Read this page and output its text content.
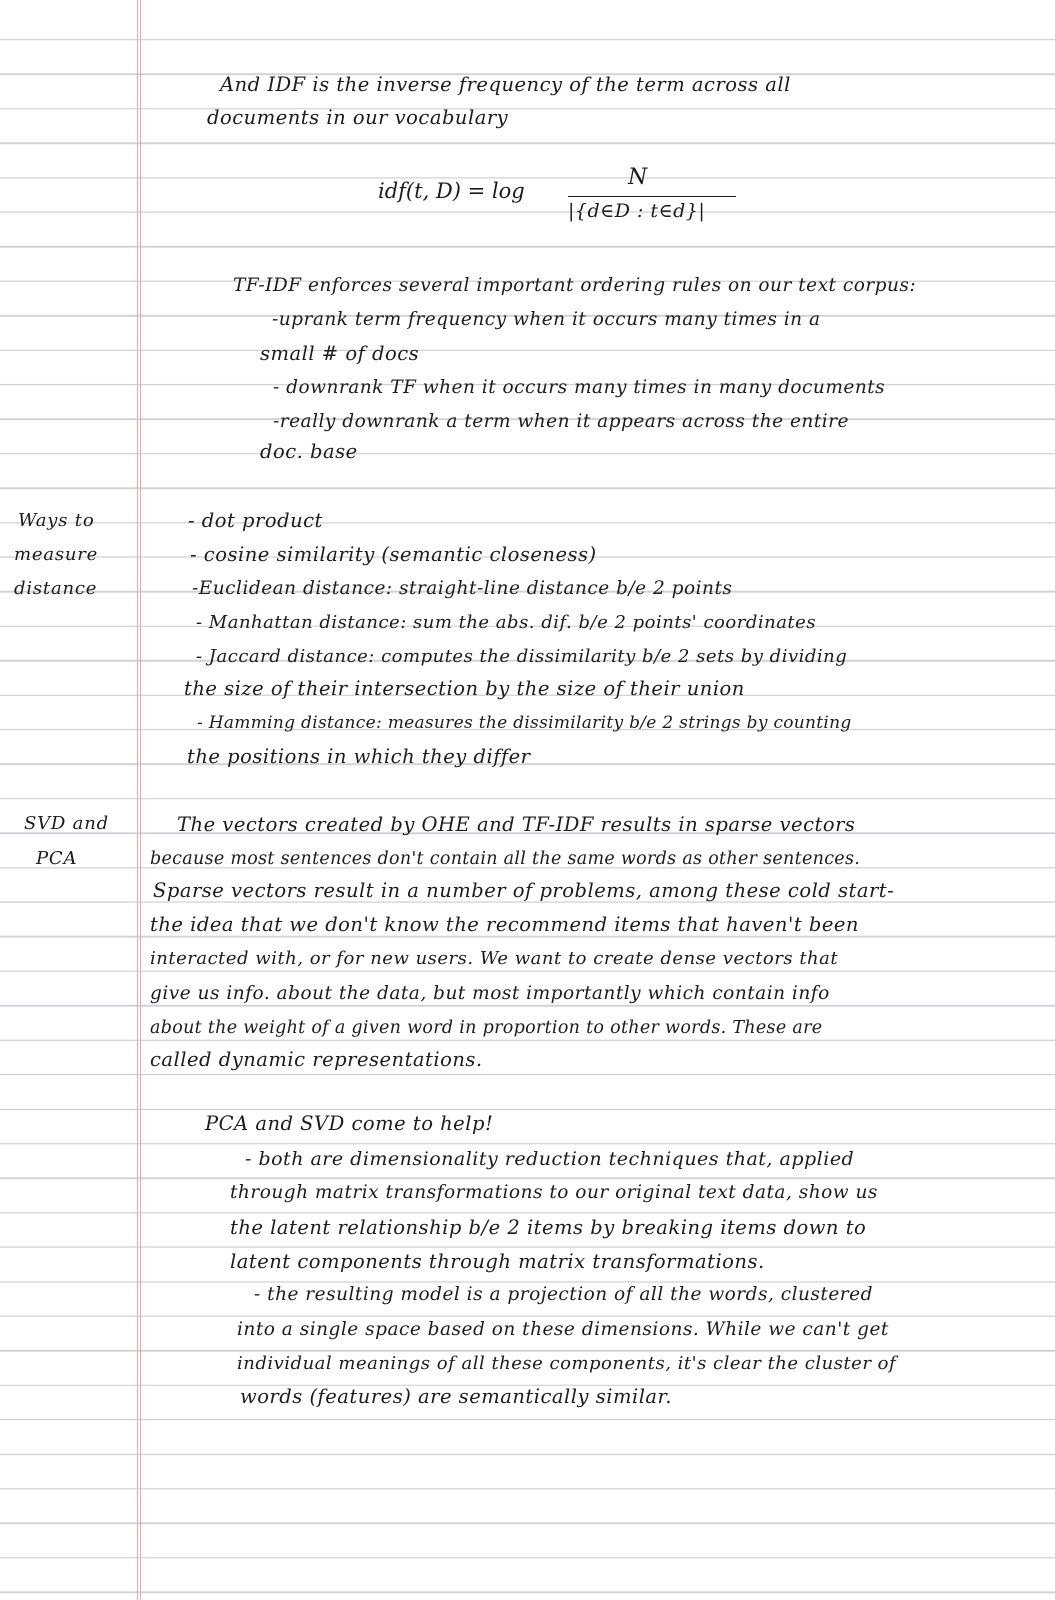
Ways to
measure
distance
SVD and
PCA
And IDF is the inverse frequency of the term across all
documents in our vocabulary
idf(t, D) = log
N
|{d∈D : t∈d}|
TF-IDF enforces several important ordering rules on our text corpus:
-uprank term frequency when it occurs many times in a
small # of docs
- downrank TF when it occurs many times in many documents
-really downrank a term when it appears across the entire
doc. base
- dot product
- cosine similarity (semantic closeness)
-Euclidean distance: straight-line distance b/e 2 points
- Manhattan distance: sum the abs. dif. b/e 2 points' coordinates
- Jaccard distance: computes the dissimilarity b/e 2 sets by dividing
the size of their intersection by the size of their union
- Hamming distance: measures the dissimilarity b/e 2 strings by counting
the positions in which they differ
The vectors created by OHE and TF-IDF results in sparse vectors
because most sentences don't contain all the same words as other sentences.
Sparse vectors result in a number of problems, among these cold start-
the idea that we don't know the recommend items that haven't been
interacted with, or for new users. We want to create dense vectors that
give us info. about the data, but most importantly which contain info
about the weight of a given word in proportion to other words. These are
called dynamic representations.
PCA and SVD come to help!
- both are dimensionality reduction techniques that, applied
through matrix transformations to our original text data, show us
the latent relationship b/e 2 items by breaking items down to
latent components through matrix transformations.
- the resulting model is a projection of all the words, clustered
into a single space based on these dimensions. While we can't get
individual meanings of all these components, it's clear the cluster of
words (features) are semantically similar.
